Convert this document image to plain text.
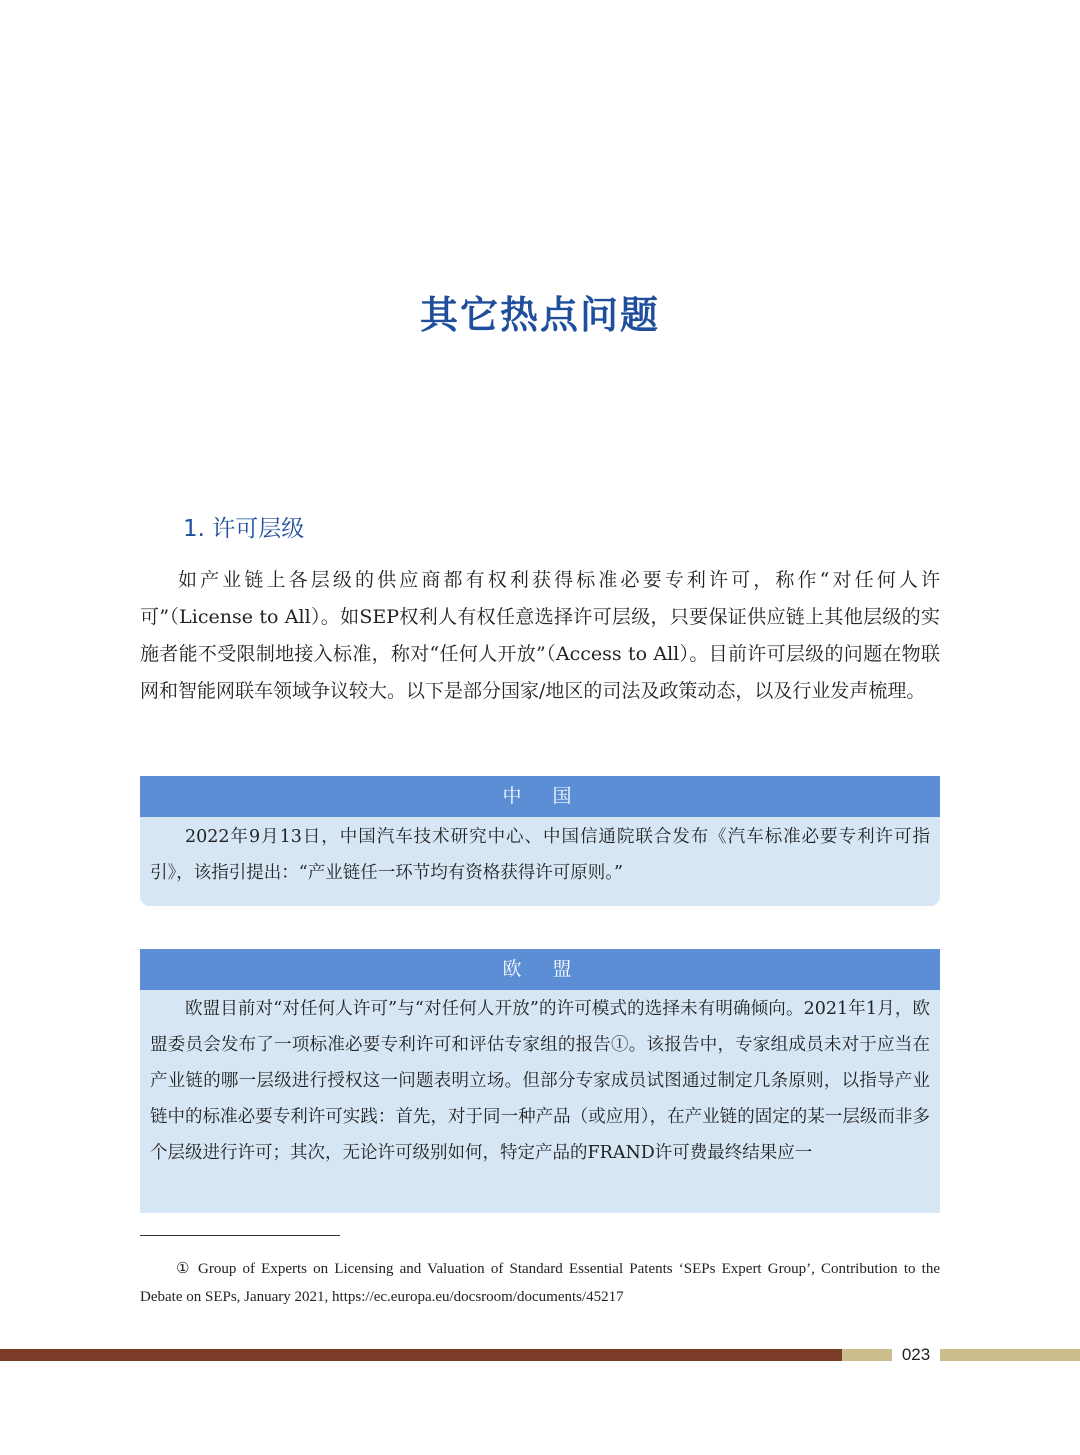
其它热点问题
1. 许可层级

如产业链上各层级的供应商都有权利获得标准必要专利许可，称作“对任何人许可”（License to All）。如SEP权利人有权任意选择许可层级，只要保证供应链上其他层级的实施者能不受限制地接入标准，称对“任何人开放”（Access to All）。目前许可层级的问题在物联网和智能网联车领域争议较大。以下是部分国家/地区的司法及政策动态，以及行业发声梳理。

中　国

2022年9月13日，中国汽车技术研究中心、中国信通院联合发布《汽车标准必要专利许可指引》，该指引提出：“产业链任一环节均有资格获得许可原则。”

欧　盟

欧盟目前对“对任何人许可”与“对任何人开放”的许可模式的选择未有明确倾向。2021年1月，欧盟委员会发布了一项标准必要专利许可和评估专家组的报告①。该报告中，专家组成员未对于应当在产业链的哪一层级进行授权这一问题表明立场。但部分专家成员试图通过制定几条原则，以指导产业链中的标准必要专利许可实践：首先，对于同一种产品（或应用），在产业链的固定的某一层级而非多个层级进行许可；其次，无论许可级别如何，特定产品的FRAND许可费最终结果应一

① Group of Experts on Licensing and Valuation of Standard Essential Patents ‘SEPs Expert Group’, Contribution to the Debate on SEPs, January 2021, https://ec.europa.eu/docsroom/documents/45217

023
